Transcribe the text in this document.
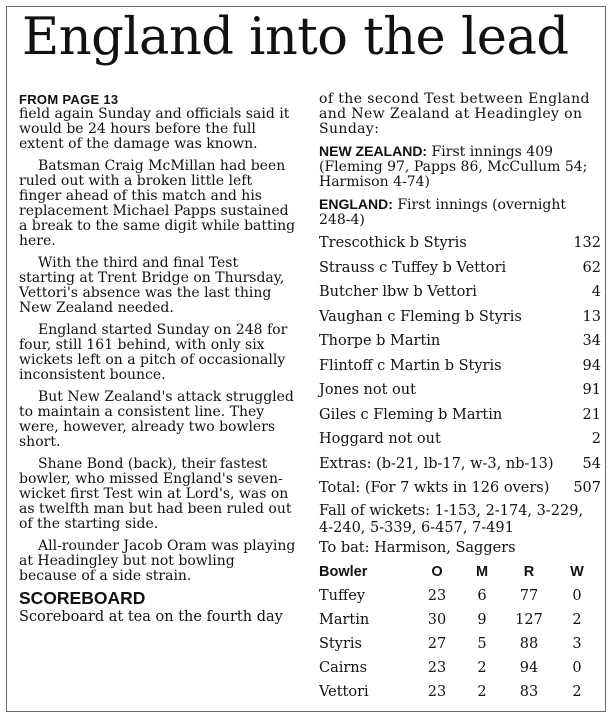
England into the lead

FROM PAGE 13

field again Sunday and officials said it would be 24 hours before the full extent of the damage was known.

Batsman Craig McMillan had been ruled out with a broken little left finger ahead of this match and his replacement Michael Papps sustained a break to the same digit while batting here.

With the third and final Test starting at Trent Bridge on Thursday, Vettori's absence was the last thing New Zealand needed.

England started Sunday on 248 for four, still 161 behind, with only six wickets left on a pitch of occasionally inconsistent bounce.

But New Zealand's attack struggled to maintain a consistent line. They were, however, already two bowlers short.

Shane Bond (back), their fastest bowler, who missed England's seven-wicket first Test win at Lord's, was on as twelfth man but had been ruled out of the starting side.

All-rounder Jacob Oram was playing at Headingley but not bowling because of a side strain.

SCOREBOARD

Scoreboard at tea on the fourth day

of the second Test between England and New Zealand at Headingley on Sunday:

NEW ZEALAND: First innings 409 (Fleming 97, Papps 86, McCullum 54; Harmison 4-74)

ENGLAND: First innings (overnight 248-4)

Trescothick b Styris	132
Strauss c Tuffey b Vettori	62
Butcher lbw b Vettori	4
Vaughan c Fleming b Styris	13
Thorpe b Martin	34
Flintoff c Martin b Styris	94
Jones not out	91
Giles c Fleming b Martin	21
Hoggard not out	2
Extras: (b-21, lb-17, w-3, nb-13) 54
Total: (For 7 wkts in 126 overs) 507

Fall of wickets: 1-153, 2-174, 3-229, 4-240, 5-339, 6-457, 7-491

To bat: Harmison, Saggers

Bowler	O	M	R	W
Tuffey	23	6	77	0
Martin	30	9	127	2
Styris	27	5	88	3
Cairns	23	2	94	0
Vettori	23	2	83	2
